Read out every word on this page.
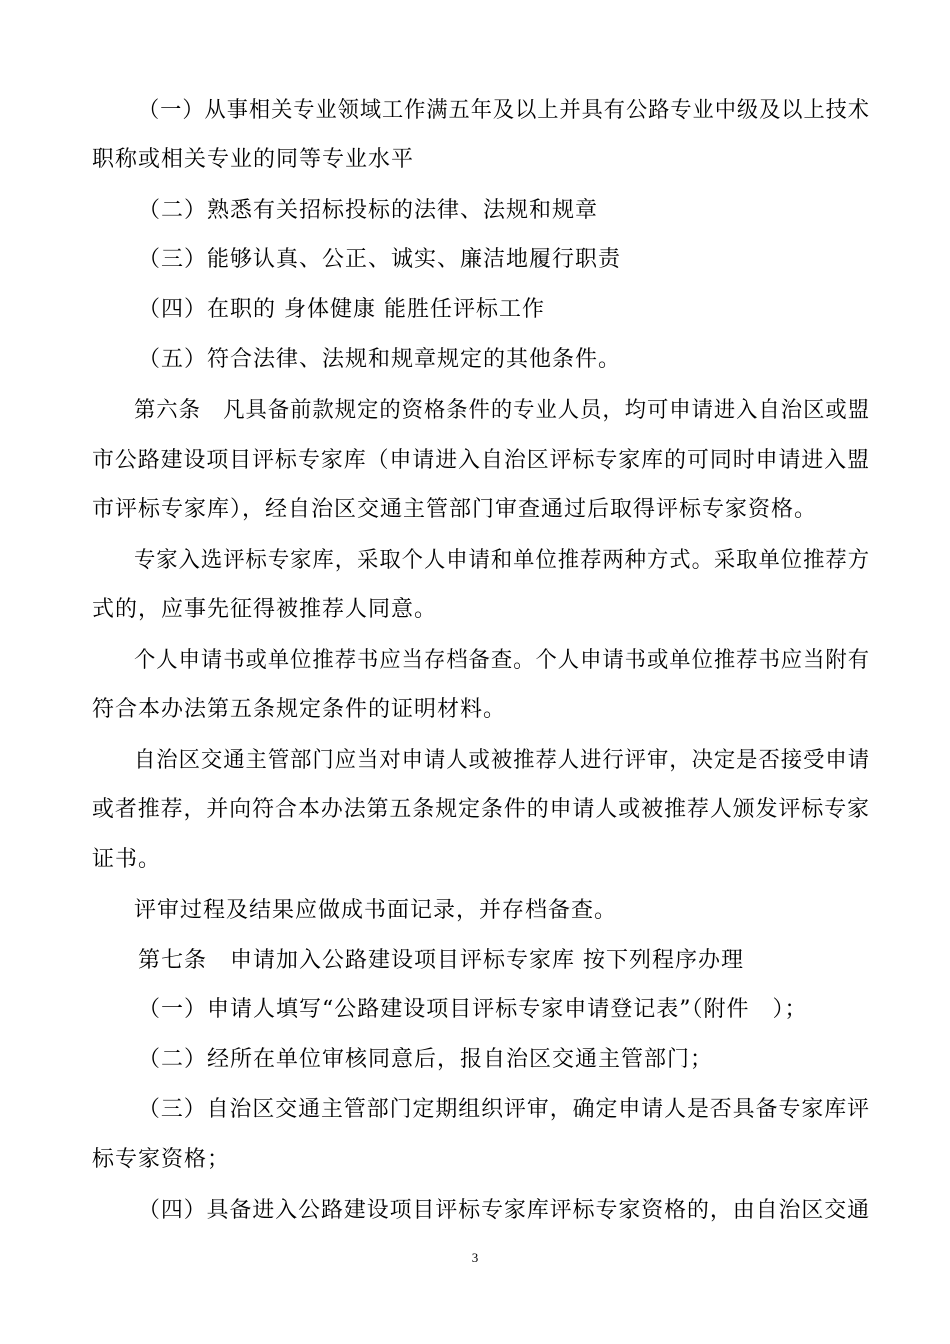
（一）从事相关专业领域工作满五年及以上并具有公路专业中级及以上技术
职称或相关专业的同等专业水平
（二）熟悉有关招标投标的法律、法规和规章
（三）能够认真、公正、诚实、廉洁地履行职责
（四）在职的 身体健康 能胜任评标工作
（五）符合法律、法规和规章规定的其他条件。
第六条　凡具备前款规定的资格条件的专业人员，均可申请进入自治区或盟
市公路建设项目评标专家库（申请进入自治区评标专家库的可同时申请进入盟
市评标专家库），经自治区交通主管部门审查通过后取得评标专家资格。
专家入选评标专家库，采取个人申请和单位推荐两种方式。采取单位推荐方
式的，应事先征得被推荐人同意。
个人申请书或单位推荐书应当存档备查。个人申请书或单位推荐书应当附有
符合本办法第五条规定条件的证明材料。
自治区交通主管部门应当对申请人或被推荐人进行评审，决定是否接受申请
或者推荐，并向符合本办法第五条规定条件的申请人或被推荐人颁发评标专家
证书。
评审过程及结果应做成书面记录，并存档备查。
第七条　申请加入公路建设项目评标专家库 按下列程序办理
（一）申请人填写“公路建设项目评标专家申请登记表”（附件　）；
（二）经所在单位审核同意后，报自治区交通主管部门；
（三）自治区交通主管部门定期组织评审，确定申请人是否具备专家库评
标专家资格；
（四）具备进入公路建设项目评标专家库评标专家资格的，由自治区交通
3
